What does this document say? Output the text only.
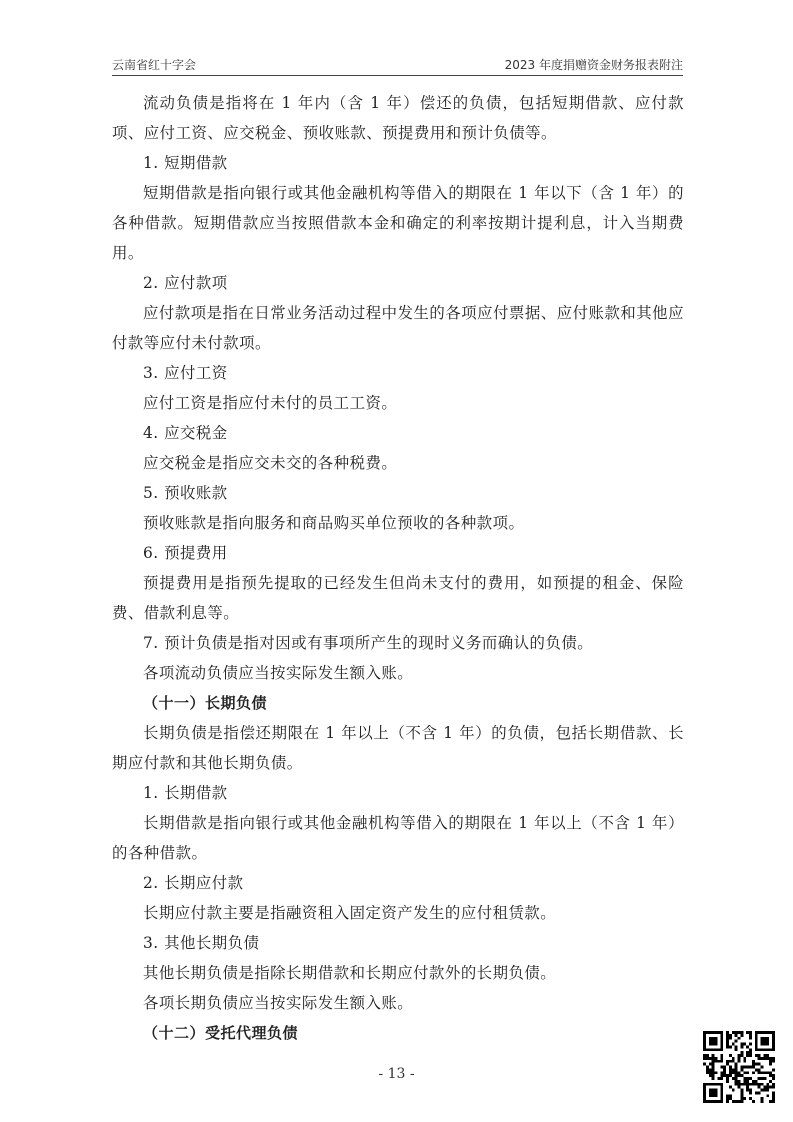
云南省红十字会	2023 年度捐赠资金财务报表附注

流动负债是指将在 1 年内（含 1 年）偿还的负债，包括短期借款、应付款项、应付工资、应交税金、预收账款、预提费用和预计负债等。

1. 短期借款

短期借款是指向银行或其他金融机构等借入的期限在 1 年以下（含 1 年）的各种借款。短期借款应当按照借款本金和确定的利率按期计提利息，计入当期费用。

2. 应付款项

应付款项是指在日常业务活动过程中发生的各项应付票据、应付账款和其他应付款等应付未付款项。

3. 应付工资

应付工资是指应付未付的员工工资。

4. 应交税金

应交税金是指应交未交的各种税费。

5. 预收账款

预收账款是指向服务和商品购买单位预收的各种款项。

6. 预提费用

预提费用是指预先提取的已经发生但尚未支付的费用，如预提的租金、保险费、借款利息等。

7. 预计负债是指对因或有事项所产生的现时义务而确认的负债。

各项流动负债应当按实际发生额入账。

（十一）长期负债

长期负债是指偿还期限在 1 年以上（不含 1 年）的负债，包括长期借款、长期应付款和其他长期负债。

1. 长期借款

长期借款是指向银行或其他金融机构等借入的期限在 1 年以上（不含 1 年）的各种借款。

2. 长期应付款

长期应付款主要是指融资租入固定资产发生的应付租赁款。

3. 其他长期负债

其他长期负债是指除长期借款和长期应付款外的长期负债。

各项长期负债应当按实际发生额入账。

（十二）受托代理负债

- 13 -
